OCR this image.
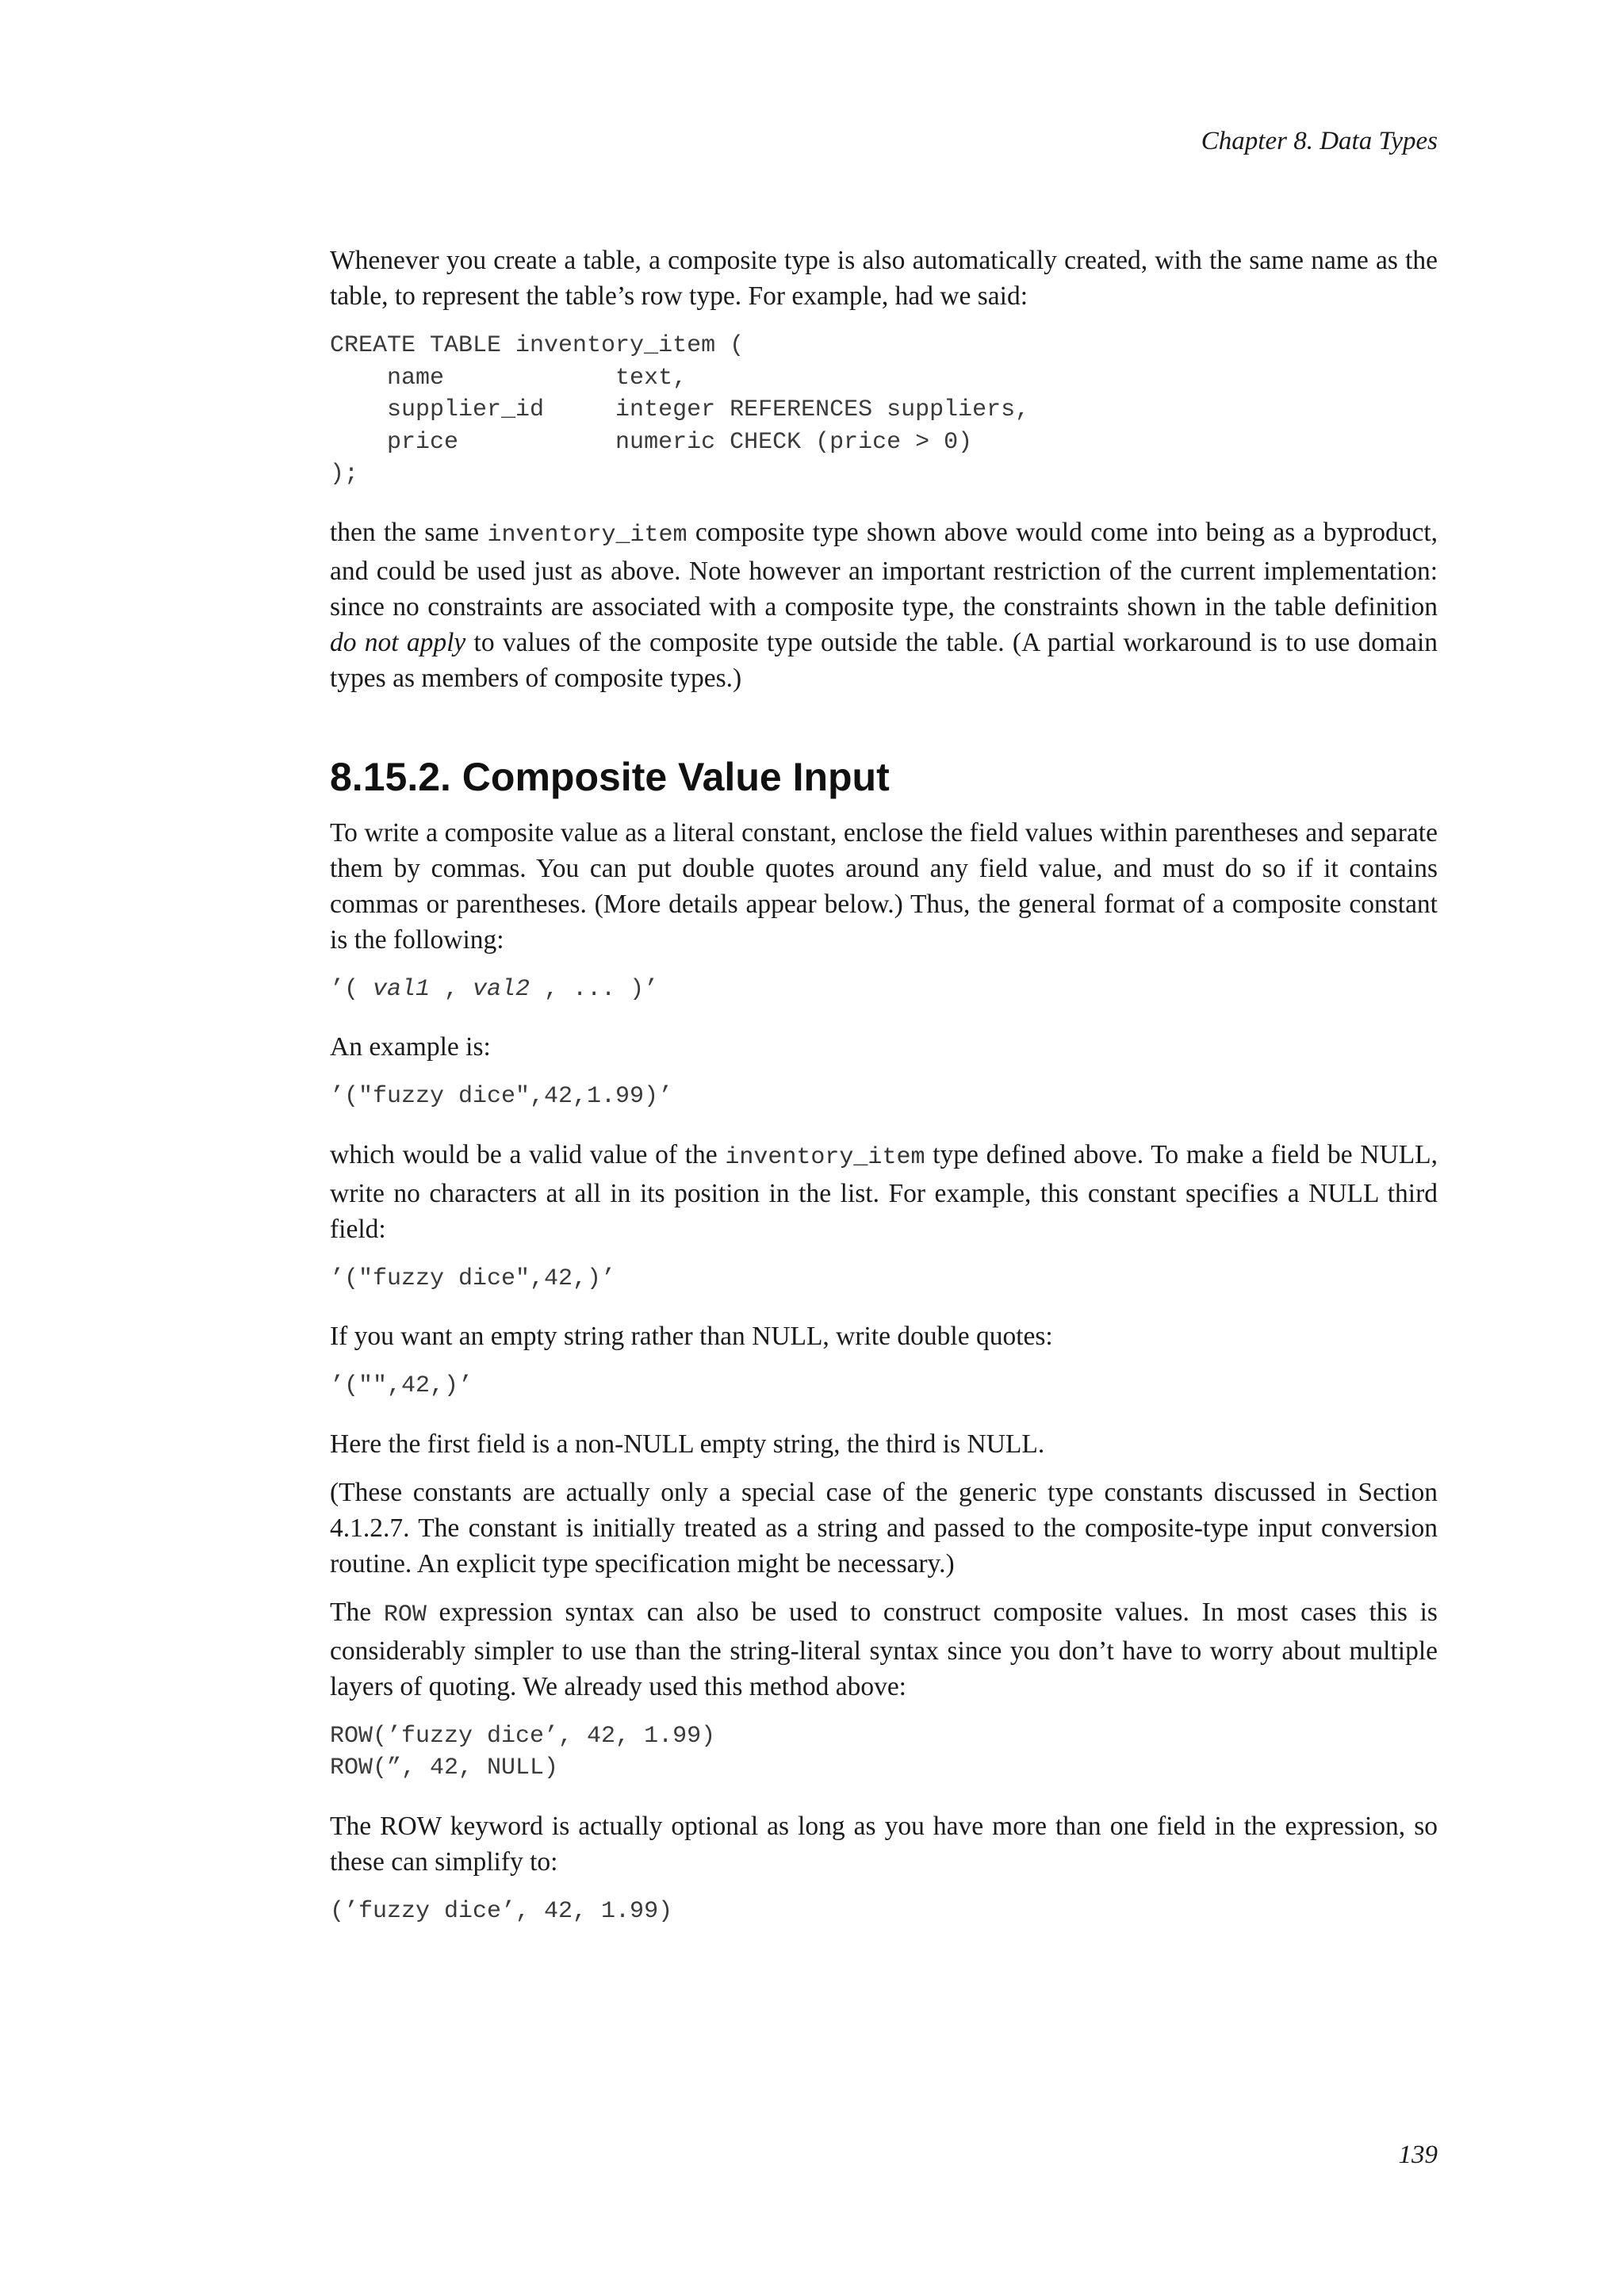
Chapter 8. Data Types

Whenever you create a table, a composite type is also automatically created, with the same name as the table, to represent the table’s row type. For example, had we said:

CREATE TABLE inventory_item (
name            text,
supplier_id     integer REFERENCES suppliers,
price           numeric CHECK (price > 0)
);

then the same inventory_item composite type shown above would come into being as a byproduct, and could be used just as above. Note however an important restriction of the current implementation: since no constraints are associated with a composite type, the constraints shown in the table definition do not apply to values of the composite type outside the table. (A partial workaround is to use domain types as members of composite types.)

8.15.2. Composite Value Input

To write a composite value as a literal constant, enclose the field values within parentheses and separate them by commas. You can put double quotes around any field value, and must do so if it contains commas or parentheses. (More details appear below.) Thus, the general format of a composite constant is the following:

’( val1 , val2 , ... )’

An example is:

’("fuzzy dice",42,1.99)’

which would be a valid value of the inventory_item type defined above. To make a field be NULL, write no characters at all in its position in the list. For example, this constant specifies a NULL third field:

’("fuzzy dice",42,)’

If you want an empty string rather than NULL, write double quotes:

’("",42,)’

Here the first field is a non-NULL empty string, the third is NULL.

(These constants are actually only a special case of the generic type constants discussed in Section 4.1.2.7. The constant is initially treated as a string and passed to the composite-type input conversion routine. An explicit type specification might be necessary.)

The ROW expression syntax can also be used to construct composite values. In most cases this is considerably simpler to use than the string-literal syntax since you don’t have to worry about multiple layers of quoting. We already used this method above:

ROW(’fuzzy dice’, 42, 1.99)
ROW(”, 42, NULL)

The ROW keyword is actually optional as long as you have more than one field in the expression, so these can simplify to:

(’fuzzy dice’, 42, 1.99)
139
